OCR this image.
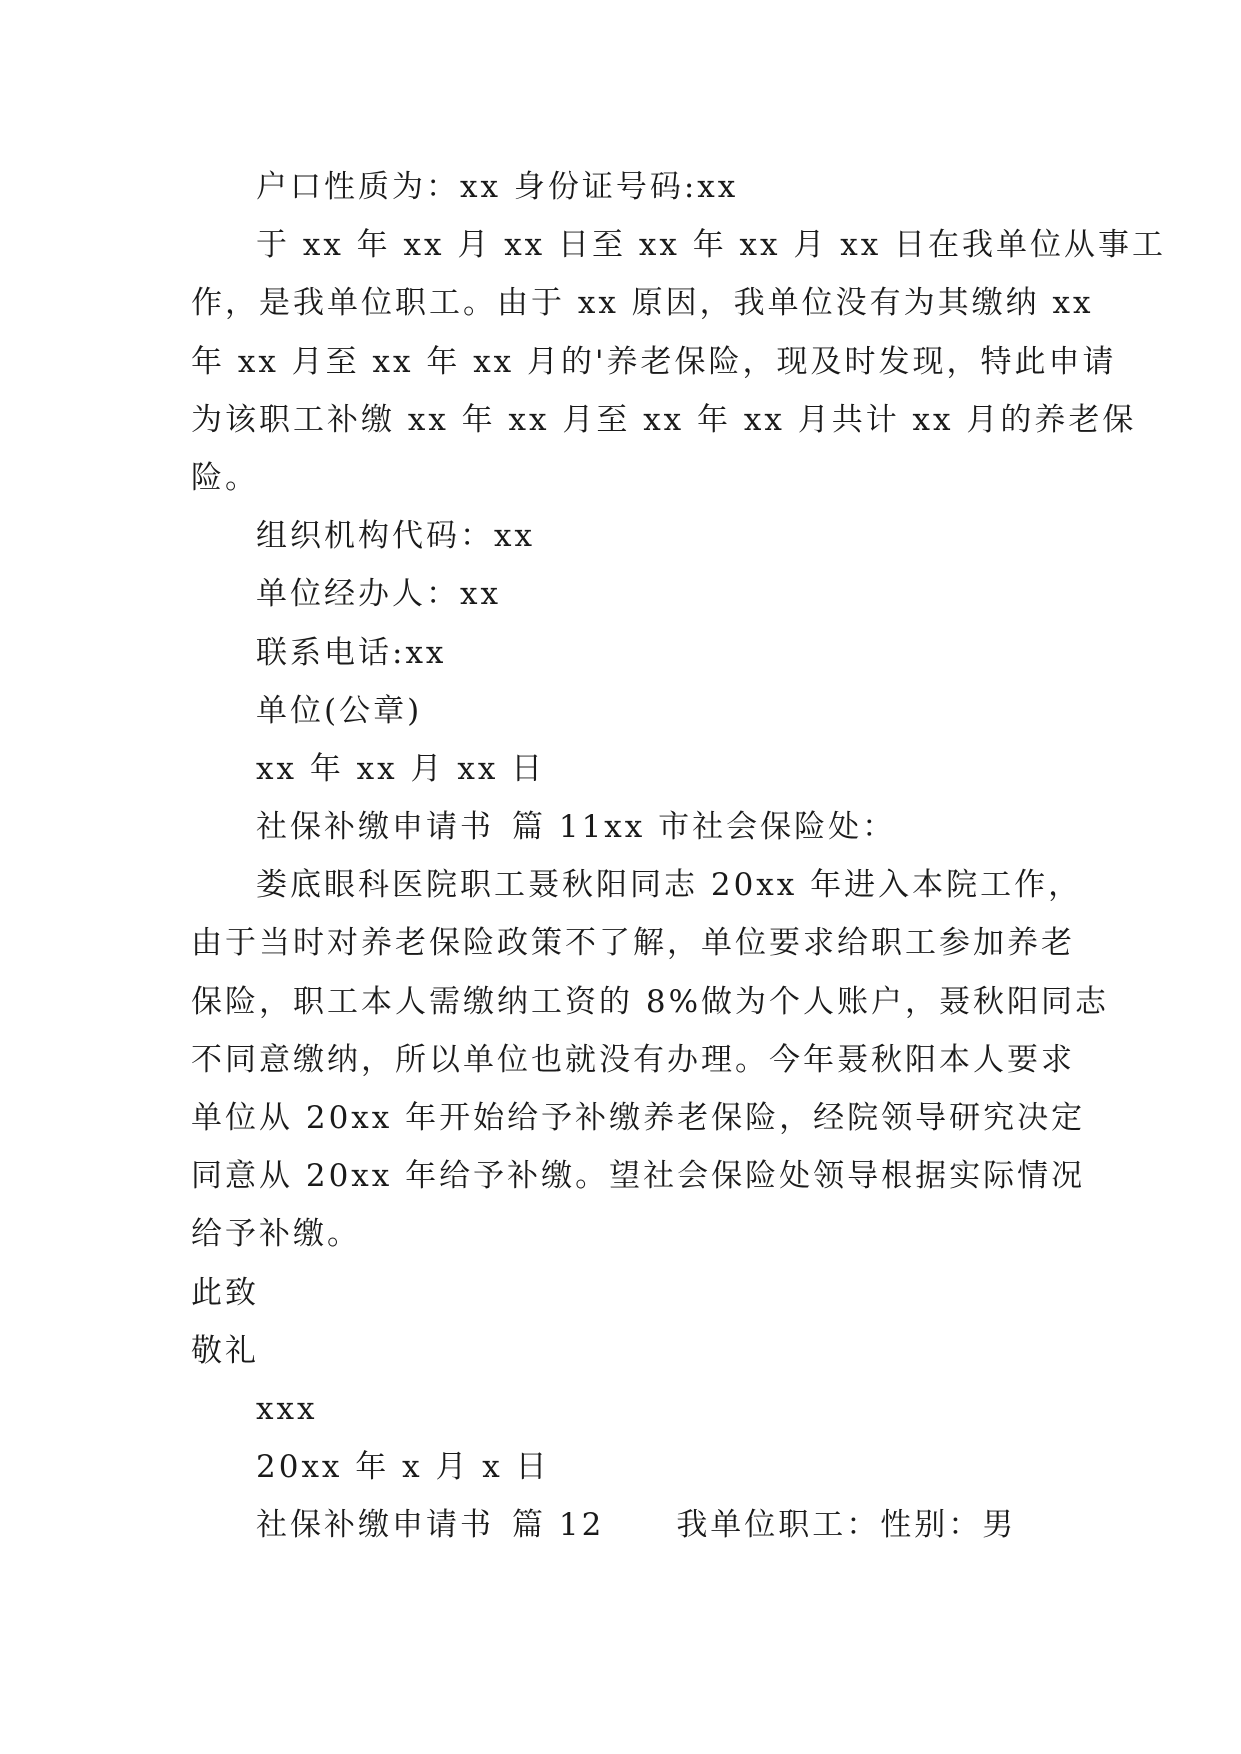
户口性质为：xx 身份证号码:xx
于 xx 年 xx 月 xx 日至 xx 年 xx 月 xx 日在我单位从事工
作，是我单位职工。由于 xx 原因，我单位没有为其缴纳 xx
年 xx 月至 xx 年 xx 月的'养老保险，现及时发现，特此申请
为该职工补缴 xx 年 xx 月至 xx 年 xx 月共计 xx 月的养老保
险。
组织机构代码：xx
单位经办人：xx
联系电话:xx
单位(公章)
xx 年 xx 月 xx 日
社保补缴申请书 篇 11xx 市社会保险处：
娄底眼科医院职工聂秋阳同志 20xx 年进入本院工作，
由于当时对养老保险政策不了解，单位要求给职工参加养老
保险，职工本人需缴纳工资的 8%做为个人账户，聂秋阳同志
不同意缴纳，所以单位也就没有办理。今年聂秋阳本人要求
单位从 20xx 年开始给予补缴养老保险，经院领导研究决定
同意从 20xx 年给予补缴。望社会保险处领导根据实际情况
给予补缴。
此致
敬礼
xxx
20xx 年 x 月 x 日
社保补缴申请书 篇 12 我单位职工：性别：男
